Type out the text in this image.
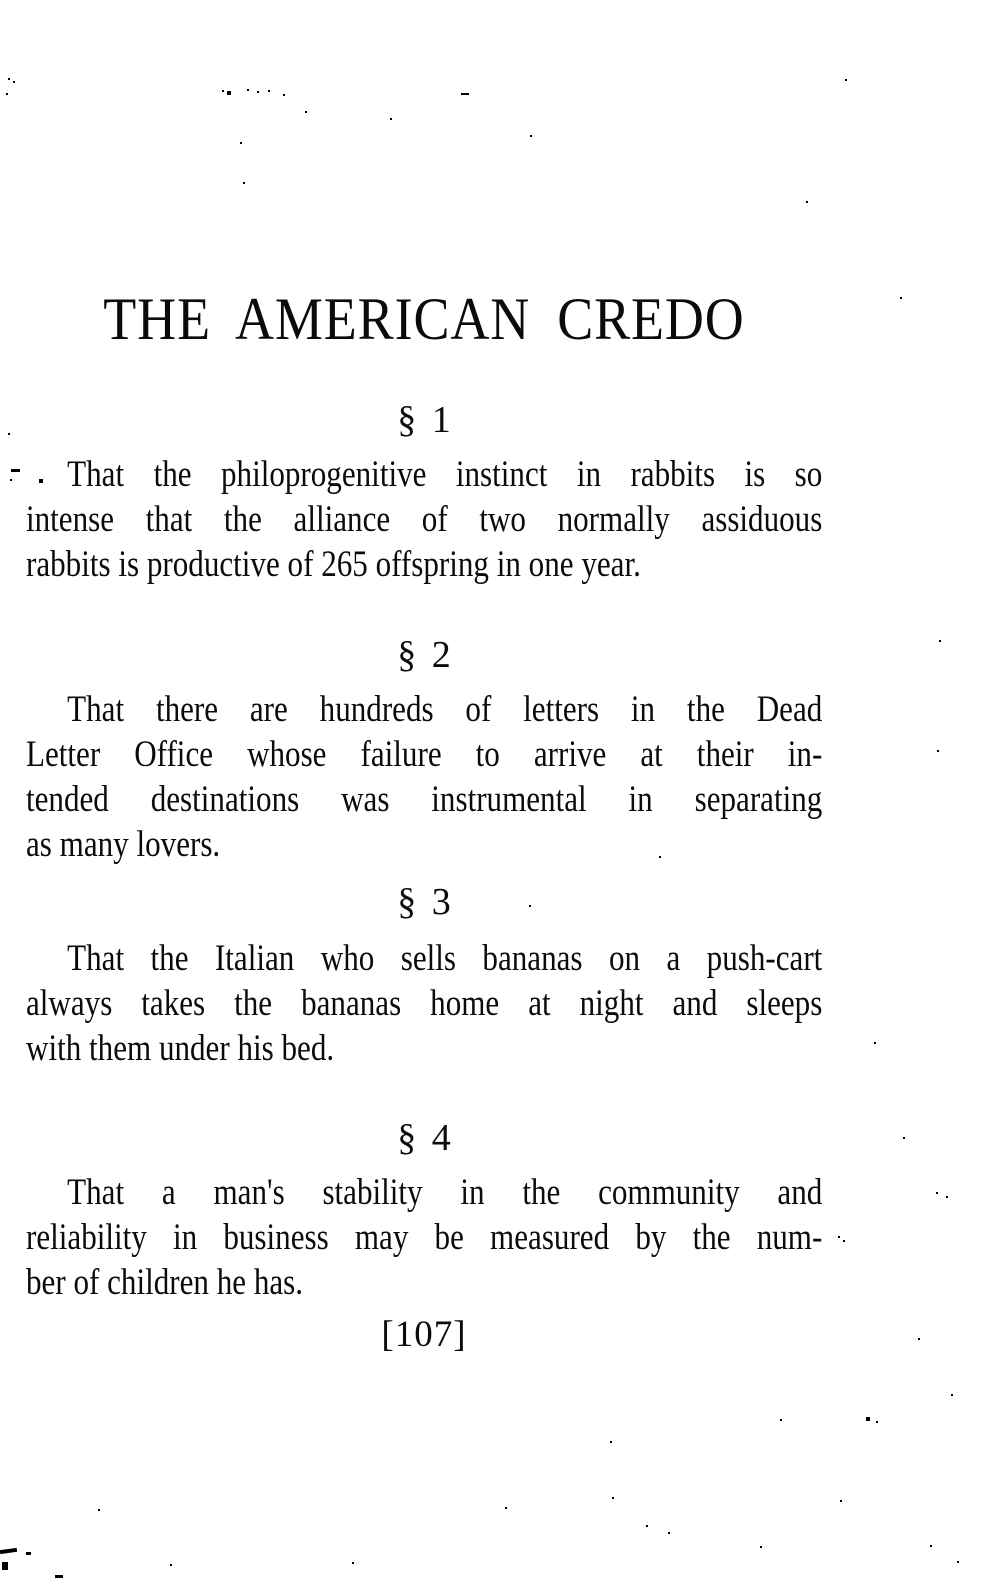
THE AMERICAN CREDO
§ 1
That the philoprogenitive instinct in rabbits is so
intense that the alliance of two normally assiduous
rabbits is productive of 265 offspring in one year.
§ 2
That there are hundreds of letters in the Dead
Letter Office whose failure to arrive at their in-
tended destinations was instrumental in separating
as many lovers.
§ 3
That the Italian who sells bananas on a push-cart
always takes the bananas home at night and sleeps
with them under his bed.
§ 4
That a man's stability in the community and
reliability in business may be measured by the num-
ber of children he has.
[107]
